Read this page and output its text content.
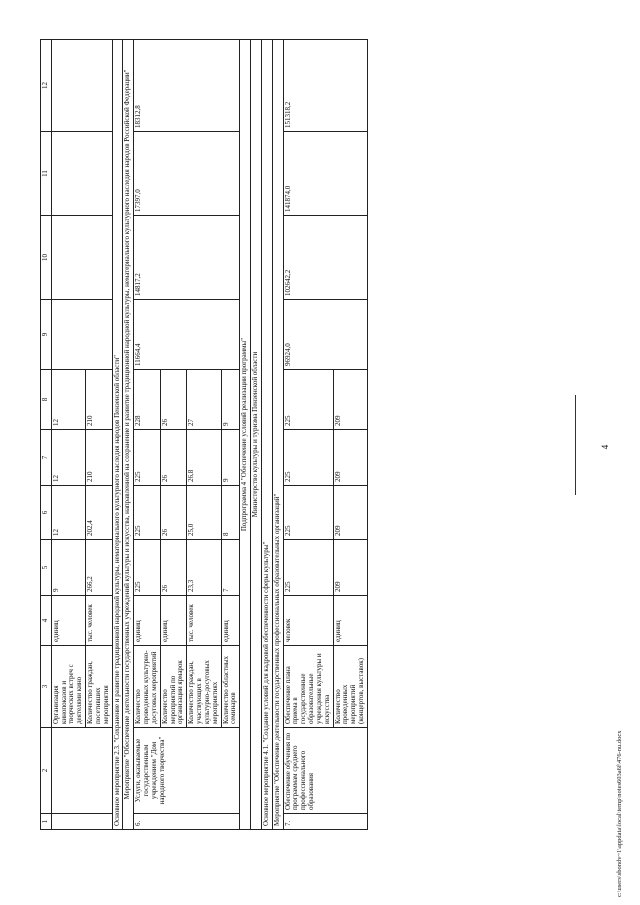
1	2	3	4	5	6	7	8	9	10	11	12
		Организация кинопоказов и творческих встреч с деятелями кино	единиц	9	12	12	12				
		Количество граждан, посетивших мероприятия	тыс. человек	266,2	202,4	210	210				
Основное мероприятие 2.3. "Сохранение и развитие традиционной народной культуры, нематериального культурного наследия народов Пензенской области"											
Мероприятие "Обеспечение деятельности государственных учреждений культуры и искусства, направленной на сохранение и развитие традиционной народной культуры, нематериального культурного наследия народов Российской Федерации"											
6.	Услуги, оказываемые государственным учреждением "Дом народного творчества"	Количество проведенных культурно-досуговых мероприятий	единиц	225	225	225	228	11664,4	14817,2	17397,0	18312,8
		Количество мероприятий по организации ярмарок	единиц	26	26	26	26				
		Количество граждан, участвующих в культурно-досуговых мероприятиях	тыс. человек	23,3	25,0	26,8	27				
		Количество областных семинаров	единиц	7	8	9	9				
Подпрограмма 4 "Обеспечение условий реализации программы"											
Министерство культуры и туризма Пензенской области											
Основное мероприятие 4.1. "Создание условий для кадровой обеспеченности сферы культуры"											
Мероприятие "Обеспечение деятельности государственных профессиональных образовательных организаций"											
7.	Обеспечение обучения по программам среднего профессионального образования	Обеспечение плана приема в государственные образовательные учреждения культуры и искусства	человек	225	225	225	225	96924,0	102642,2	141874,0	151318,2
		Количество проведенных мероприятий (концертов, выставок)	единиц	209	209	209	209				
4
c:\users\sbondv~1\appdata\local\temp\notes603a6f\476-nu.docx
